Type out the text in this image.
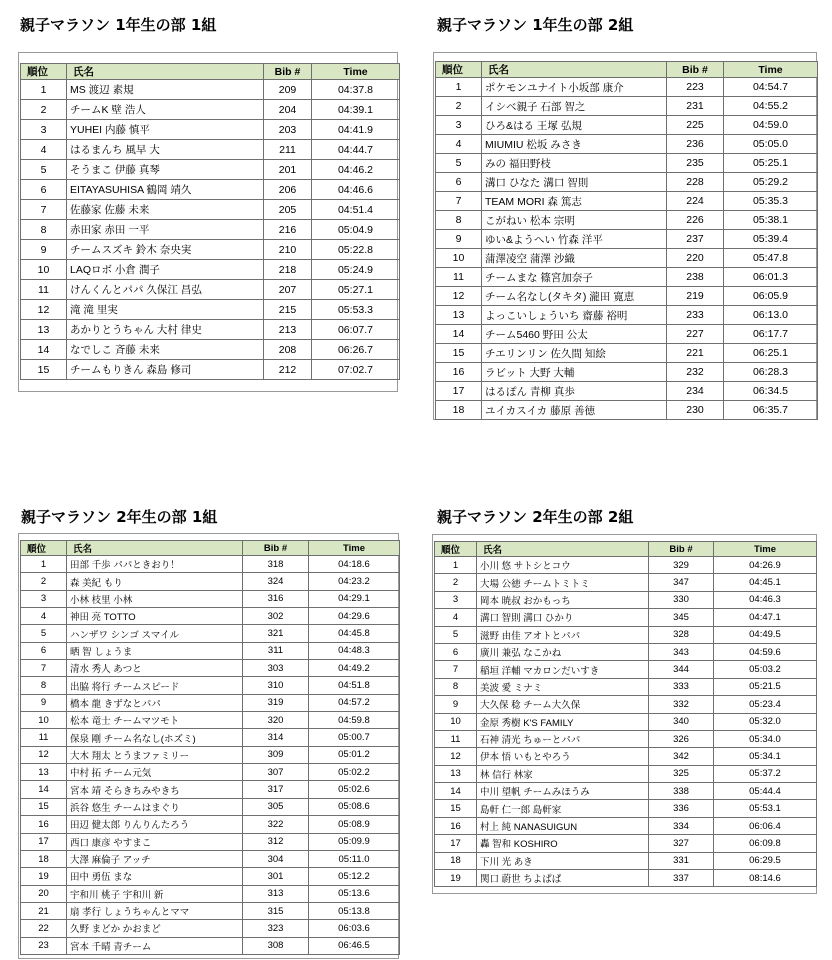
親子マラソン 1年生の部 1組
順位	氏名	Bib #	Time
1	MS 渡辺 素規	209	04:37.8
2	チームK 壁 浩人	204	04:39.1
3	YUHEI 内藤 慎平	203	04:41.9
4	はるまんち 風早 大	211	04:44.7
5	そうまこ 伊藤 真琴	201	04:46.2
6	EITAYASUHISA 鶴岡 靖久	206	04:46.6
7	佐藤家 佐藤 未来	205	04:51.4
8	赤田家 赤田 一平	216	05:04.9
9	チームスズキ 鈴木 奈央実	210	05:22.8
10	LAQロボ 小倉 潤子	218	05:24.9
11	けんくんとパパ 久保江 昌弘	207	05:27.1
12	滝 滝 里実	215	05:53.3
13	あかりとうちゃん 大村 律史	213	06:07.7
14	なでしこ 斉藤 未来	208	06:26.7
15	チームもりきん 森島 修司	212	07:02.7
親子マラソン 1年生の部 2組
順位	氏名	Bib #	Time
1	ポケモンユナイト小坂部 康介	223	04:54.7
2	イシベ親子 石部 智之	231	04:55.2
3	ひろ&はる 王塚 弘規	225	04:59.0
4	MIUMIU 松坂 みさき	236	05:05.0
5	みの 福田野枝	235	05:25.1
6	溝口 ひなた 溝口 智則	228	05:29.2
7	TEAM MORI 森 篤志	224	05:35.3
8	こがねい 松本 宗明	226	05:38.1
9	ゆい&ようへい 竹森 洋平	237	05:39.4
10	蒲澤凌空 蒲澤 沙織	220	05:47.8
11	チームまな 篠宮加奈子	238	06:01.3
12	チーム名なし(タキタ) 瀧田 寛恵	219	06:05.9
13	よっこいしょういち 齋藤 裕明	233	06:13.0
14	チーム5460 野田 公太	227	06:17.7
15	チエリンリン 佐久間 知絵	221	06:25.1
16	ラビット 大野 大輔	232	06:28.3
17	はるぽん 青柳 真歩	234	06:34.5
18	ユイカスイカ 藤原 善徳	230	06:35.7
親子マラソン 2年生の部 1組
順位	氏名	Bib #	Time
1	田部 千歩 パパときおり！	318	04:18.6
2	森 美紀 もり	324	04:23.2
3	小林 枝里 小林	316	04:29.1
4	神田 亮 TOTTO	302	04:29.6
5	ハンザワ シンゴ スマイル	321	04:45.8
6	晒 智 しょうま	311	04:48.3
7	清水 秀人 あつと	303	04:49.2
8	出脇 将行 チームスピード	310	04:51.8
9	橋本 龍 きずなとパパ	319	04:57.2
10	松本 竜士 チームマツモト	320	04:59.8
11	保泉 剛 チーム名なし(ホズミ)	314	05:00.7
12	大木 翔太 とうまファミリー	309	05:01.2
13	中村 拓 チーム元気	307	05:02.2
14	宮本 靖 そらきちみやきち	317	05:02.6
15	浜谷 悠生 チームはまぐり	305	05:08.6
16	田辺 健太郎 りんりんたろう	322	05:08.9
17	西口 康彦 やすまこ	312	05:09.9
18	大澤 麻倫子 アッチ	304	05:11.0
19	田中 勇伍 まな	301	05:12.2
20	宇和川 桃子 宇和川 新	313	05:13.6
21	扇 孝行 しょうちゃんとママ	315	05:13.8
22	久野 まどか かおまど	323	06:03.6
23	宮本 千晴 青チーム	308	06:46.5
親子マラソン 2年生の部 2組
順位	氏名	Bib #	Time
1	小川 悠 サトシとコウ	329	04:26.9
2	大場 公徳 チームトミトミ	347	04:45.1
3	岡本 暁叔 おかもっち	330	04:46.3
4	溝口 智則 溝口 ひかり	345	04:47.1
5	滋野 由佳 アオトとパパ	328	04:49.5
6	廣川 兼弘 なこかね	343	04:59.6
7	稲垣 洋輔 マカロンだいすき	344	05:03.2
8	美波 愛 ミナミ	333	05:21.5
9	大久保 稔 チーム大久保	332	05:23.4
10	金原 秀樹 K'S FAMILY	340	05:32.0
11	石神 清光 ちゅーとパパ	326	05:34.0
12	伊本 悟 いもとやろう	342	05:34.1
13	林 信行 林家	325	05:37.2
14	中川 望帆 チームみほうみ	338	05:44.4
15	島軒 仁一郎 島軒家	336	05:53.1
16	村上 純 NANASUIGUN	334	06:06.4
17	轟 智和 KOSHIRO	327	06:09.8
18	下川 光 あき	331	06:29.5
19	関口 蔚世 ちよぱぱ	337	08:14.6
